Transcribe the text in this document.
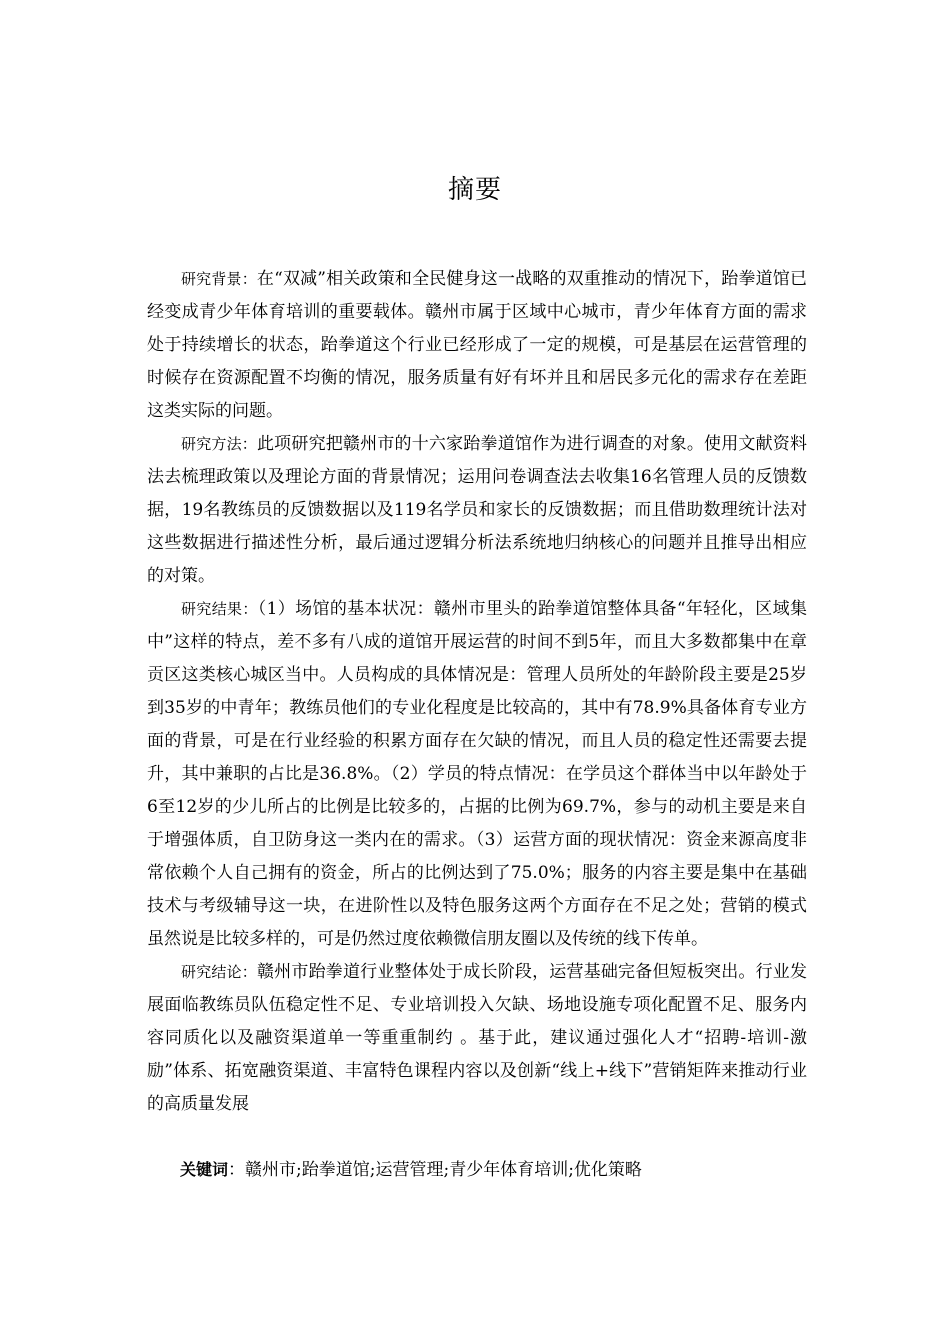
摘要

研究背景：在“双减”相关政策和全民健身这一战略的双重推动的情况下，跆拳道馆已经变成青少年体育培训的重要载体。赣州市属于区域中心城市，青少年体育方面的需求处于持续增长的状态，跆拳道这个行业已经形成了一定的规模，可是基层在运营管理的时候存在资源配置不均衡的情况，服务质量有好有坏并且和居民多元化的需求存在差距这类实际的问题。

研究方法：此项研究把赣州市的十六家跆拳道馆作为进行调查的对象。使用文献资料法去梳理政策以及理论方面的背景情况；运用问卷调查法去收集16名管理人员的反馈数据，19名教练员的反馈数据以及119名学员和家长的反馈数据；而且借助数理统计法对这些数据进行描述性分析，最后通过逻辑分析法系统地归纳核心的问题并且推导出相应的对策。

研究结果：（1）场馆的基本状况：赣州市里头的跆拳道馆整体具备“年轻化，区域集中”这样的特点，差不多有八成的道馆开展运营的时间不到5年，而且大多数都集中在章贡区这类核心城区当中。人员构成的具体情况是：管理人员所处的年龄阶段主要是25岁到35岁的中青年；教练员他们的专业化程度是比较高的，其中有78.9%具备体育专业方面的背景，可是在行业经验的积累方面存在欠缺的情况，而且人员的稳定性还需要去提升，其中兼职的占比是36.8%。（2）学员的特点情况：在学员这个群体当中以年龄处于6至12岁的少儿所占的比例是比较多的，占据的比例为69.7%，参与的动机主要是来自于增强体质，自卫防身这一类内在的需求。（3）运营方面的现状情况：资金来源高度非常依赖个人自己拥有的资金，所占的比例达到了75.0%；服务的内容主要是集中在基础技术与考级辅导这一块，在进阶性以及特色服务这两个方面存在不足之处；营销的模式虽然说是比较多样的，可是仍然过度依赖微信朋友圈以及传统的线下传单。

研究结论：赣州市跆拳道行业整体处于成长阶段，运营基础完备但短板突出。行业发展面临教练员队伍稳定性不足、专业培训投入欠缺、场地设施专项化配置不足、服务内容同质化以及融资渠道单一等重重制约 。基于此，建议通过强化人才“招聘-培训-激励”体系、拓宽融资渠道、丰富特色课程内容以及创新“线上+线下”营销矩阵来推动行业的高质量发展

关键词：赣州市;跆拳道馆;运营管理;青少年体育培训;优化策略
